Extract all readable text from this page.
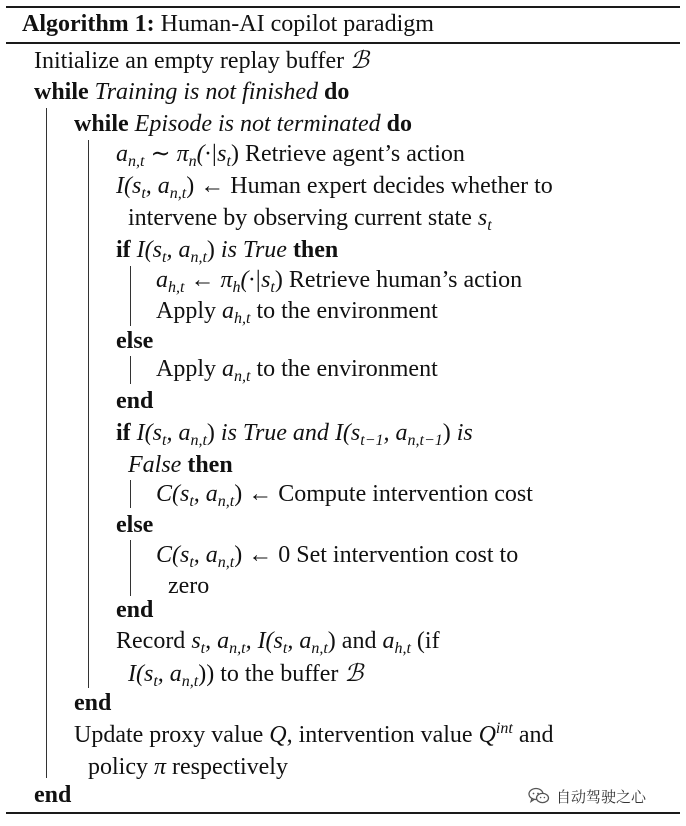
Algorithm 1: Human-AI copilot paradigm
Initialize an empty replay buffer ℬ
while Training is not finished do
while Episode is not terminated do
$a_{n,t}$ ∼ $\pi_n(\cdot|s_t)$ Retrieve agent’s action
$I(s_t$, $a_{n,t}$) ← Human expert decides whether to
intervene by observing current state $s_t$
if $I(s_t$, $a_{n,t}$) is True then
$a_{h,t}$ ← $\pi_h(\cdot|s_t)$ Retrieve human’s action
Apply $a_{h,t}$ to the environment
else
Apply $a_{n,t}$ to the environment
end
if $I(s_t$, $a_{n,t}$) is True and $I(s_{t-1}$, $a_{n,t-1}$) is
False then
$C(s_t$, $a_{n,t}$) ← Compute intervention cost
else
$C(s_t$, $a_{n,t}$) ← 0 Set intervention cost to
zero
end
Record $s_t$, $a_{n,t}$, $I(s_t$, $a_{n,t}$) and $a_{h,t}$ (if
$I(s_t$, $a_{n,t}$)) to the buffer ℬ
end
Update proxy value Q, intervention value $Q^{int}$ and
policy π respectively
end	自动驾驶之心
